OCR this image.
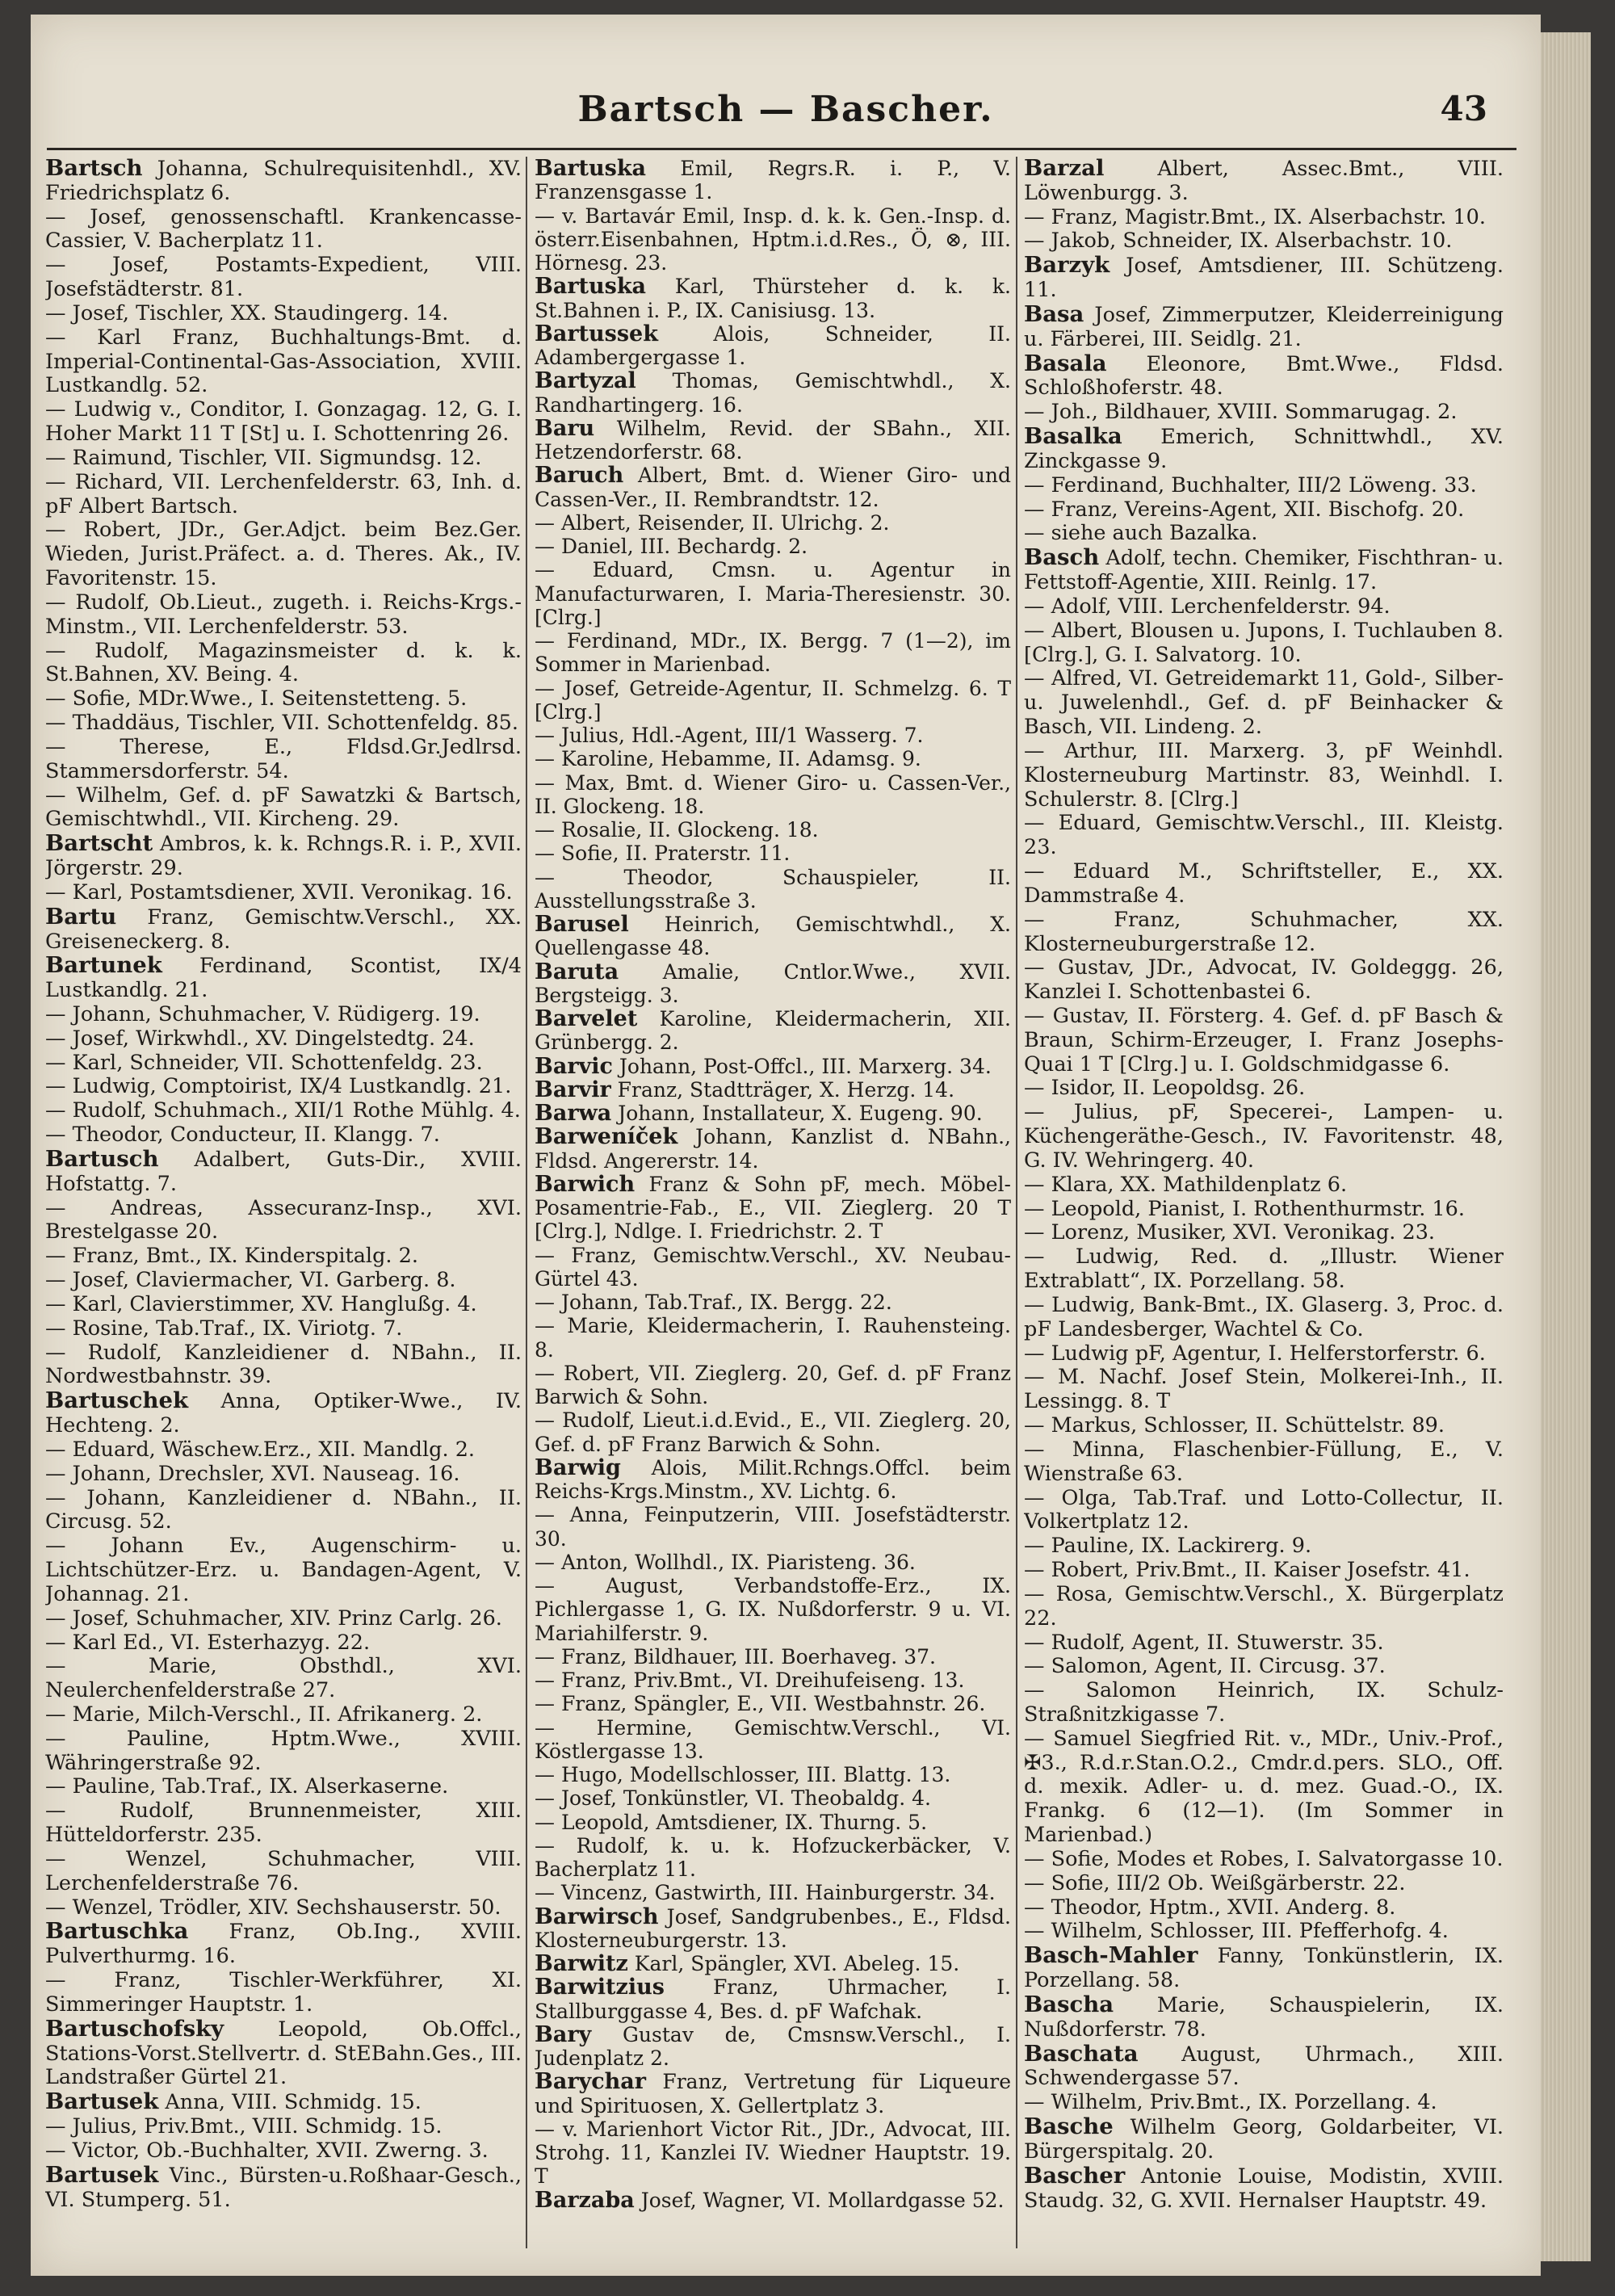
Bartsch — Bascher.	43

Bartsch Johanna, Schulrequisitenhdl., XV. Friedrichsplatz 6.

— Josef, genossenschaftl. Krankencasse-Cassier, V. Bacherplatz 11.

— Josef, Postamts-Expedient, VIII. Josefstädterstr. 81.

— Josef, Tischler, XX. Staudingerg. 14.

— Karl Franz, Buchhaltungs-Bmt. d. Imperial-Continental-Gas-Association, XVIII. Lustkandlg. 52.

— Ludwig v., Conditor, I. Gonzagag. 12, G. I. Hoher Markt 11 T [St] u. I. Schottenring 26.

— Raimund, Tischler, VII. Sigmundsg. 12.

— Richard, VII. Lerchenfelderstr. 63, Inh. d. pF Albert Bartsch.

— Robert, JDr., Ger.Adjct. beim Bez.Ger. Wieden, Jurist.Präfect. a. d. Theres. Ak., IV. Favoritenstr. 15.

— Rudolf, Ob.Lieut., zugeth. i. Reichs-Krgs.-Minstm., VII. Lerchenfelderstr. 53.

— Rudolf, Magazinsmeister d. k. k. St.Bahnen, XV. Being. 4.

— Sofie, MDr.Wwe., I. Seitenstetteng. 5.

— Thaddäus, Tischler, VII. Schottenfeldg. 85.

— Therese, E., Fldsd.Gr.Jedlrsd. Stammersdorferstr. 54.

— Wilhelm, Gef. d. pF Sawatzki & Bartsch, Gemischtwhdl., VII. Kircheng. 29.

Bartscht Ambros, k. k. Rchngs.R. i. P., XVII. Jörgerstr. 29.

— Karl, Postamtsdiener, XVII. Veronikag. 16.

Bartu Franz, Gemischtw.Verschl., XX. Greiseneckerg. 8.

Bartunek Ferdinand, Scontist, IX/4 Lustkandlg. 21.

— Johann, Schuhmacher, V. Rüdigerg. 19.

— Josef, Wirkwhdl., XV. Dingelstedtg. 24.

— Karl, Schneider, VII. Schottenfeldg. 23.

— Ludwig, Comptoirist, IX/4 Lustkandlg. 21.

— Rudolf, Schuhmach., XII/1 Rothe Mühlg. 4.

— Theodor, Conducteur, II. Klangg. 7.

Bartusch Adalbert, Guts-Dir., XVIII. Hofstattg. 7.

— Andreas, Assecuranz-Insp., XVI. Brestelgasse 20.

— Franz, Bmt., IX. Kinderspitalg. 2.

— Josef, Claviermacher, VI. Garberg. 8.

— Karl, Clavierstimmer, XV. Hanglußg. 4.

— Rosine, Tab.Traf., IX. Viriotg. 7.

— Rudolf, Kanzleidiener d. NBahn., II. Nordwestbahnstr. 39.

Bartuschek Anna, Optiker-Wwe., IV. Hechteng. 2.

— Eduard, Wäschew.Erz., XII. Mandlg. 2.

— Johann, Drechsler, XVI. Nauseag. 16.

— Johann, Kanzleidiener d. NBahn., II. Circusg. 52.

— Johann Ev., Augenschirm- u. Lichtschützer-Erz. u. Bandagen-Agent, V. Johannag. 21.

— Josef, Schuhmacher, XIV. Prinz Carlg. 26.

— Karl Ed., VI. Esterhazyg. 22.

— Marie, Obsthdl., XVI. Neulerchenfelderstraße 27.

— Marie, Milch-Verschl., II. Afrikanerg. 2.

— Pauline, Hptm.Wwe., XVIII. Währingerstraße 92.

— Pauline, Tab.Traf., IX. Alserkaserne.

— Rudolf, Brunnenmeister, XIII. Hütteldorferstr. 235.

— Wenzel, Schuhmacher, VIII. Lerchenfelderstraße 76.

— Wenzel, Trödler, XIV. Sechshauserstr. 50.

Bartuschka Franz, Ob.Ing., XVIII. Pulverthurmg. 16.

— Franz, Tischler-Werkführer, XI. Simmeringer Hauptstr. 1.

Bartuschofsky Leopold, Ob.Offcl., Stations-Vorst.Stellvertr. d. StEBahn.Ges., III. Landstraßer Gürtel 21.

Bartusek Anna, VIII. Schmidg. 15.

— Julius, Priv.Bmt., VIII. Schmidg. 15.

— Victor, Ob.-Buchhalter, XVII. Zwerng. 3.

Bartusek Vinc., Bürsten-u.Roßhaar-Gesch., VI. Stumperg. 51.

Bartuska Emil, Regrs.R. i. P., V. Franzensgasse 1.

— v. Bartavár Emil, Insp. d. k. k. Gen.-Insp. d. österr.Eisenbahnen, Hptm.i.d.Res., Ö, ⊗, III. Hörnesg. 23.

Bartuska Karl, Thürsteher d. k. k. St.Bahnen i. P., IX. Canisiusg. 13.

Bartussek Alois, Schneider, II. Adambergergasse 1.

Bartyzal Thomas, Gemischtwhdl., X. Randhartingerg. 16.

Baru Wilhelm, Revid. der SBahn., XII. Hetzendorferstr. 68.

Baruch Albert, Bmt. d. Wiener Giro- und Cassen-Ver., II. Rembrandtstr. 12.

— Albert, Reisender, II. Ulrichg. 2.

— Daniel, III. Bechardg. 2.

— Eduard, Cmsn. u. Agentur in Manufacturwaren, I. Maria-Theresienstr. 30. [Clrg.]

— Ferdinand, MDr., IX. Bergg. 7 (1—2), im Sommer in Marienbad.

— Josef, Getreide-Agentur, II. Schmelzg. 6. T [Clrg.]

— Julius, Hdl.-Agent, III/1 Wasserg. 7.

— Karoline, Hebamme, II. Adamsg. 9.

— Max, Bmt. d. Wiener Giro- u. Cassen-Ver., II. Glockeng. 18.

— Rosalie, II. Glockeng. 18.

— Sofie, II. Praterstr. 11.

— Theodor, Schauspieler, II. Ausstellungsstraße 3.

Barusel Heinrich, Gemischtwhdl., X. Quellengasse 48.

Baruta Amalie, Cntlor.Wwe., XVII. Bergsteigg. 3.

Barvelet Karoline, Kleidermacherin, XII. Grünbergg. 2.

Barvic Johann, Post-Offcl., III. Marxerg. 34.

Barvir Franz, Stadtträger, X. Herzg. 14.

Barwa Johann, Installateur, X. Eugeng. 90.

Barweníček Johann, Kanzlist d. NBahn., Fldsd. Angererstr. 14.

Barwich Franz & Sohn pF, mech. Möbel-Posamentrie-Fab., E., VII. Zieglerg. 20 T [Clrg.], Ndlge. I. Friedrichstr. 2. T

— Franz, Gemischtw.Verschl., XV. Neubau-Gürtel 43.

— Johann, Tab.Traf., IX. Bergg. 22.

— Marie, Kleidermacherin, I. Rauhensteing. 8.

— Robert, VII. Zieglerg. 20, Gef. d. pF Franz Barwich & Sohn.

— Rudolf, Lieut.i.d.Evid., E., VII. Zieglerg. 20, Gef. d. pF Franz Barwich & Sohn.

Barwig Alois, Milit.Rchngs.Offcl. beim Reichs-Krgs.Minstm., XV. Lichtg. 6.

— Anna, Feinputzerin, VIII. Josefstädterstr. 30.

— Anton, Wollhdl., IX. Piaristeng. 36.

— August, Verbandstoffe-Erz., IX. Pichlergasse 1, G. IX. Nußdorferstr. 9 u. VI. Mariahilferstr. 9.

— Franz, Bildhauer, III. Boerhaveg. 37.

— Franz, Priv.Bmt., VI. Dreihufeiseng. 13.

— Franz, Spängler, E., VII. Westbahnstr. 26.

— Hermine, Gemischtw.Verschl., VI. Köstlergasse 13.

— Hugo, Modellschlosser, III. Blattg. 13.

— Josef, Tonkünstler, VI. Theobaldg. 4.

— Leopold, Amtsdiener, IX. Thurng. 5.

— Rudolf, k. u. k. Hofzuckerbäcker, V. Bacherplatz 11.

— Vincenz, Gastwirth, III. Hainburgerstr. 34.

Barwirsch Josef, Sandgrubenbes., E., Fldsd. Klosterneuburgerstr. 13.

Barwitz Karl, Spängler, XVI. Abeleg. 15.

Barwitzius Franz, Uhrmacher, I. Stallburggasse 4, Bes. d. pF Wafchak.

Bary Gustav de, Cmsnsw.Verschl., I. Judenplatz 2.

Barychar Franz, Vertretung für Liqueure und Spirituosen, X. Gellertplatz 3.

— v. Marienhort Victor Rit., JDr., Advocat, III. Strohg. 11, Kanzlei IV. Wiedner Hauptstr. 19. T

Barzaba Josef, Wagner, VI. Mollardgasse 52.

Barzal Albert, Assec.Bmt., VIII. Löwenburgg. 3.

— Franz, Magistr.Bmt., IX. Alserbachstr. 10.

— Jakob, Schneider, IX. Alserbachstr. 10.

Barzyk Josef, Amtsdiener, III. Schützeng. 11.

Basa Josef, Zimmerputzer, Kleiderreinigung u. Färberei, III. Seidlg. 21.

Basala Eleonore, Bmt.Wwe., Fldsd. Schloßhoferstr. 48.

— Joh., Bildhauer, XVIII. Sommarugag. 2.

Basalka Emerich, Schnittwhdl., XV. Zinckgasse 9.

— Ferdinand, Buchhalter, III/2 Löweng. 33.

— Franz, Vereins-Agent, XII. Bischofg. 20.

— siehe auch Bazalka.

Basch Adolf, techn. Chemiker, Fischthran- u. Fettstoff-Agentie, XIII. Reinlg. 17.

— Adolf, VIII. Lerchenfelderstr. 94.

— Albert, Blousen u. Jupons, I. Tuchlauben 8. [Clrg.], G. I. Salvatorg. 10.

— Alfred, VI. Getreidemarkt 11, Gold-, Silber- u. Juwelenhdl., Gef. d. pF Beinhacker & Basch, VII. Lindeng. 2.

— Arthur, III. Marxerg. 3, pF Weinhdl. Klosterneuburg Martinstr. 83, Weinhdl. I. Schulerstr. 8. [Clrg.]

— Eduard, Gemischtw.Verschl., III. Kleistg. 23.

— Eduard M., Schriftsteller, E., XX. Dammstraße 4.

— Franz, Schuhmacher, XX. Klosterneuburgerstraße 12.

— Gustav, JDr., Advocat, IV. Goldeggg. 26, Kanzlei I. Schottenbastei 6.

— Gustav, II. Försterg. 4. Gef. d. pF Basch & Braun, Schirm-Erzeuger, I. Franz Josephs-Quai 1 T [Clrg.] u. I. Goldschmidgasse 6.

— Isidor, II. Leopoldsg. 26.

— Julius, pF, Specerei-, Lampen- u. Küchengeräthe-Gesch., IV. Favoritenstr. 48, G. IV. Wehringerg. 40.

— Klara, XX. Mathildenplatz 6.

— Leopold, Pianist, I. Rothenthurmstr. 16.

— Lorenz, Musiker, XVI. Veronikag. 23.

— Ludwig, Red. d. „Illustr. Wiener Extrablatt“, IX. Porzellang. 58.

— Ludwig, Bank-Bmt., IX. Glaserg. 3, Proc. d. pF Landesberger, Wachtel & Co.

— Ludwig pF, Agentur, I. Helferstorferstr. 6.

— M. Nachf. Josef Stein, Molkerei-Inh., II. Lessingg. 8. T

— Markus, Schlosser, II. Schüttelstr. 89.

— Minna, Flaschenbier-Füllung, E., V. Wienstraße 63.

— Olga, Tab.Traf. und Lotto-Collectur, II. Volkertplatz 12.

— Pauline, IX. Lackirerg. 9.

— Robert, Priv.Bmt., II. Kaiser Josefstr. 41.

— Rosa, Gemischtw.Verschl., X. Bürgerplatz 22.

— Rudolf, Agent, II. Stuwerstr. 35.

— Salomon, Agent, II. Circusg. 37.

— Salomon Heinrich, IX. Schulz-Straßnitzkigasse 7.

— Samuel Siegfried Rit. v., MDr., Univ.-Prof., ✠3., R.d.r.Stan.O.2., Cmdr.d.pers. SLO., Off. d. mexik. Adler- u. d. mez. Guad.-O., IX. Frankg. 6 (12—1). (Im Sommer in Marienbad.)

— Sofie, Modes et Robes, I. Salvatorgasse 10.

— Sofie, III/2 Ob. Weißgärberstr. 22.

— Theodor, Hptm., XVII. Anderg. 8.

— Wilhelm, Schlosser, III. Pfefferhofg. 4.

Basch-Mahler Fanny, Tonkünstlerin, IX. Porzellang. 58.

Bascha Marie, Schauspielerin, IX. Nußdorferstr. 78.

Baschata August, Uhrmach., XIII. Schwendergasse 57.

— Wilhelm, Priv.Bmt., IX. Porzellang. 4.

Basche Wilhelm Georg, Goldarbeiter, VI. Bürgerspitalg. 20.

Bascher Antonie Louise, Modistin, XVIII. Staudg. 32, G. XVII. Hernalser Hauptstr. 49.
